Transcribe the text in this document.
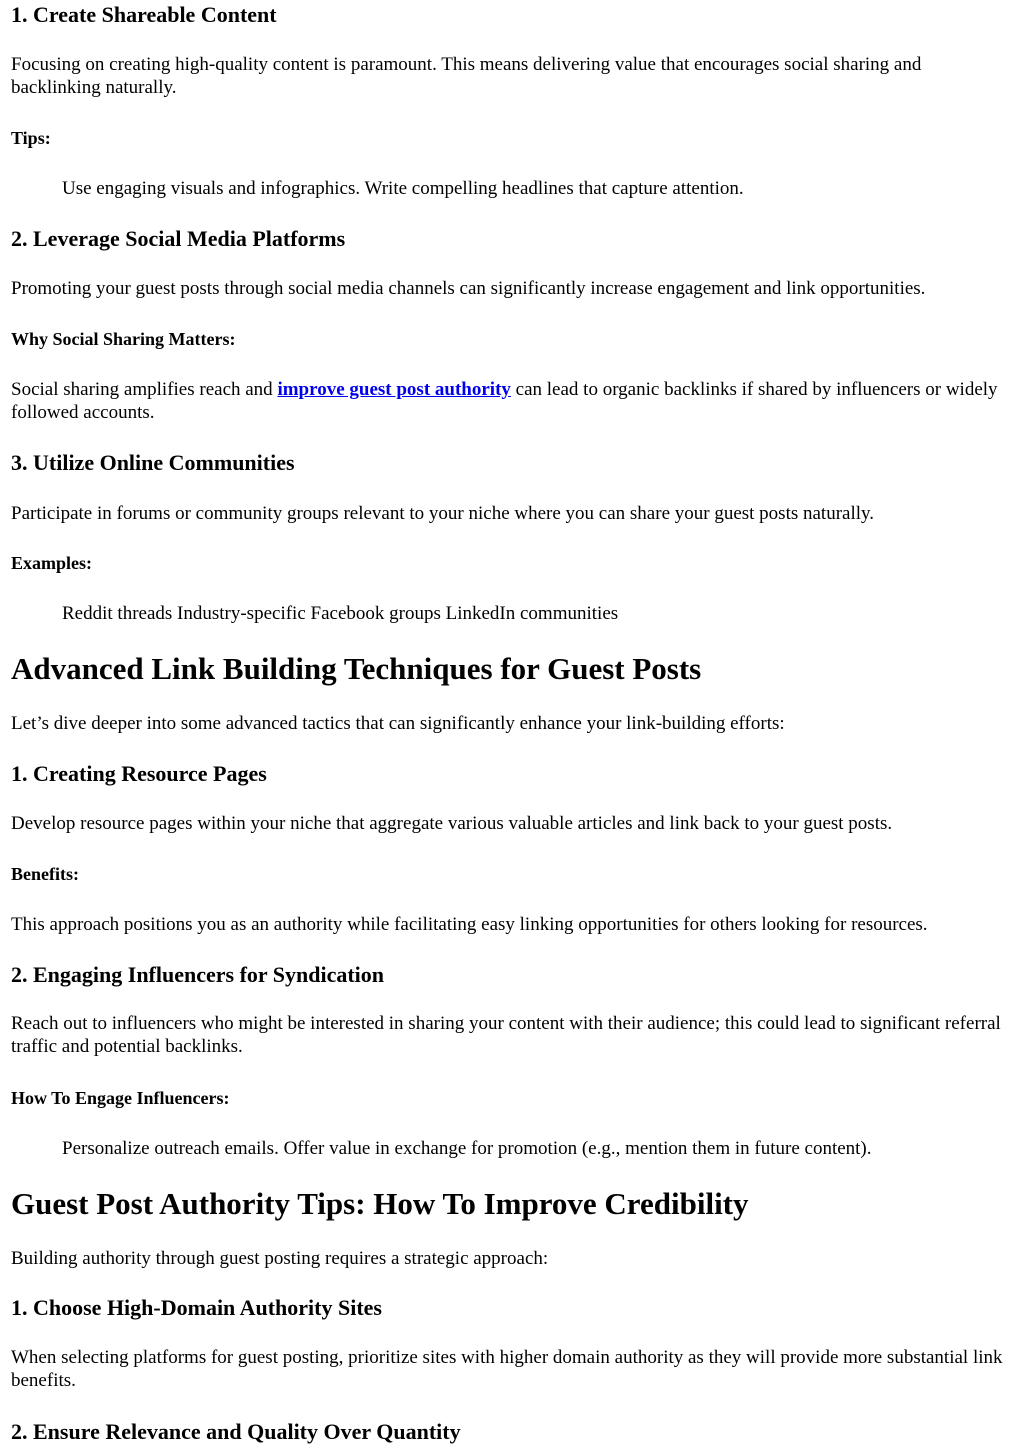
1. Create Shareable Content

Focusing on creating high-quality content is paramount. This means delivering value that encourages social sharing and backlinking naturally.

Tips:

Use engaging visuals and infographics. Write compelling headlines that capture attention.

2. Leverage Social Media Platforms

Promoting your guest posts through social media channels can significantly increase engagement and link opportunities.

Why Social Sharing Matters:

Social sharing amplifies reach and improve guest post authority can lead to organic backlinks if shared by influencers or widely followed accounts.

3. Utilize Online Communities

Participate in forums or community groups relevant to your niche where you can share your guest posts naturally.

Examples:

Reddit threads Industry-specific Facebook groups LinkedIn communities

Advanced Link Building Techniques for Guest Posts

Let’s dive deeper into some advanced tactics that can significantly enhance your link-building efforts:

1. Creating Resource Pages

Develop resource pages within your niche that aggregate various valuable articles and link back to your guest posts.

Benefits:

This approach positions you as an authority while facilitating easy linking opportunities for others looking for resources.

2. Engaging Influencers for Syndication

Reach out to influencers who might be interested in sharing your content with their audience; this could lead to significant referral traffic and potential backlinks.

How To Engage Influencers:

Personalize outreach emails. Offer value in exchange for promotion (e.g., mention them in future content).

Guest Post Authority Tips: How To Improve Credibility

Building authority through guest posting requires a strategic approach:

1. Choose High-Domain Authority Sites

When selecting platforms for guest posting, prioritize sites with higher domain authority as they will provide more substantial link benefits.

2. Ensure Relevance and Quality Over Quantity
